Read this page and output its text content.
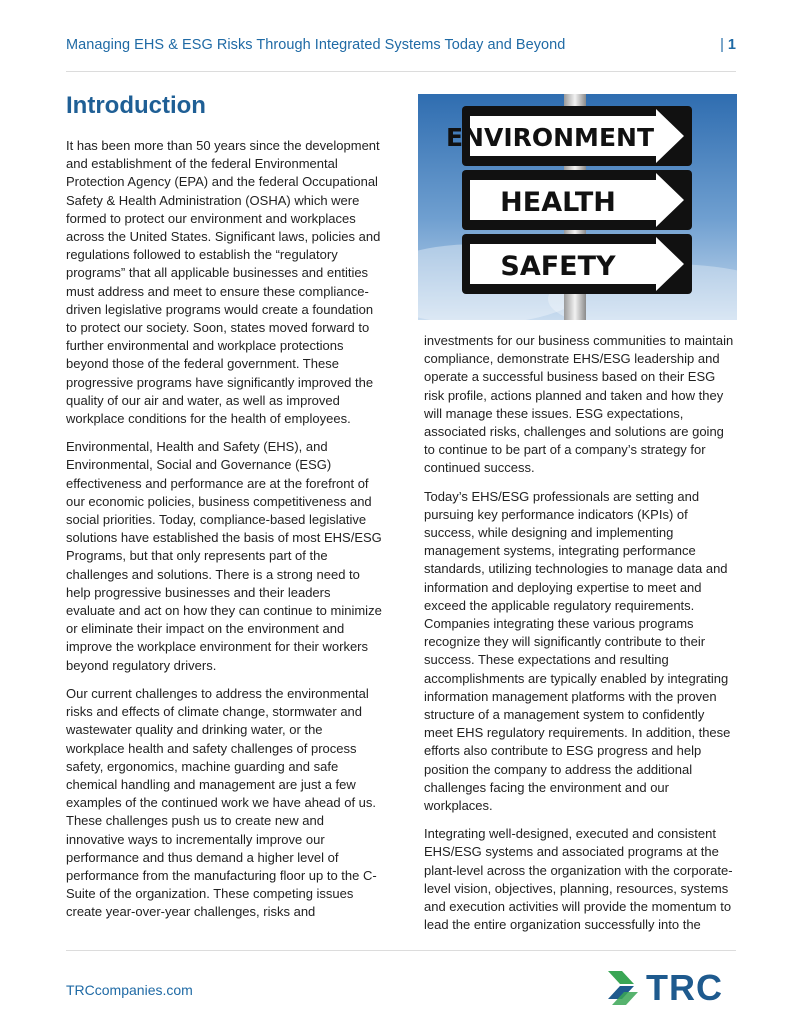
Managing EHS & ESG Risks Through Integrated Systems Today and Beyond	| 1
Introduction

It has been more than 50 years since the development and establishment of the federal Environmental Protection Agency (EPA) and the federal Occupational Safety & Health Administration (OSHA) which were formed to protect our environment and workplaces across the United States. Significant laws, policies and regulations followed to establish the “regulatory programs” that all applicable businesses and entities must address and meet to ensure these compliance-driven legislative programs would create a foundation to protect our society. Soon, states moved forward to further environmental and workplace protections beyond those of the federal government. These progressive programs have significantly improved the quality of our air and water, as well as improved workplace conditions for the health of employees.

Environmental, Health and Safety (EHS), and Environmental, Social and Governance (ESG) effectiveness and performance are at the forefront of our economic policies, business competitiveness and social priorities. Today, compliance-based legislative solutions have established the basis of most EHS/ESG Programs, but that only represents part of the challenges and solutions. There is a strong need to help progressive businesses and their leaders evaluate and act on how they can continue to minimize or eliminate their impact on the environment and improve the workplace environment for their workers beyond regulatory drivers.

Our current challenges to address the environmental risks and effects of climate change, stormwater and wastewater quality and drinking water, or the workplace health and safety challenges of process safety, ergonomics, machine guarding and safe chemical handling and management are just a few examples of the continued work we have ahead of us. These challenges push us to create new and innovative ways to incrementally improve our performance and thus demand a higher level of performance from the manufacturing floor up to the C-Suite of the organization. These competing issues create year-over-year challenges, risks and

ENVIRONMENT
HEALTH
SAFETY

investments for our business communities to maintain compliance, demonstrate EHS/ESG leadership and operate a successful business based on their ESG risk profile, actions planned and taken and how they will manage these issues. ESG expectations, associated risks, challenges and solutions are going to continue to be part of a company’s strategy for continued success.

Today’s EHS/ESG professionals are setting and pursuing key performance indicators (KPIs) of success, while designing and implementing management systems, integrating performance standards, utilizing technologies to manage data and information and deploying expertise to meet and exceed the applicable regulatory requirements. Companies integrating these various programs recognize they will significantly contribute to their success. These expectations and resulting accomplishments are typically enabled by integrating information management platforms with the proven structure of a management system to confidently meet EHS regulatory requirements. In addition, these efforts also contribute to ESG progress and help position the company to address the additional challenges facing the environment and our workplaces.

Integrating well-designed, executed and consistent EHS/ESG systems and associated programs at the plant-level across the organization with the corporate-level vision, objectives, planning, resources, systems and execution activities will provide the momentum to lead the entire organization successfully into the

TRCcompanies.com	TRC
